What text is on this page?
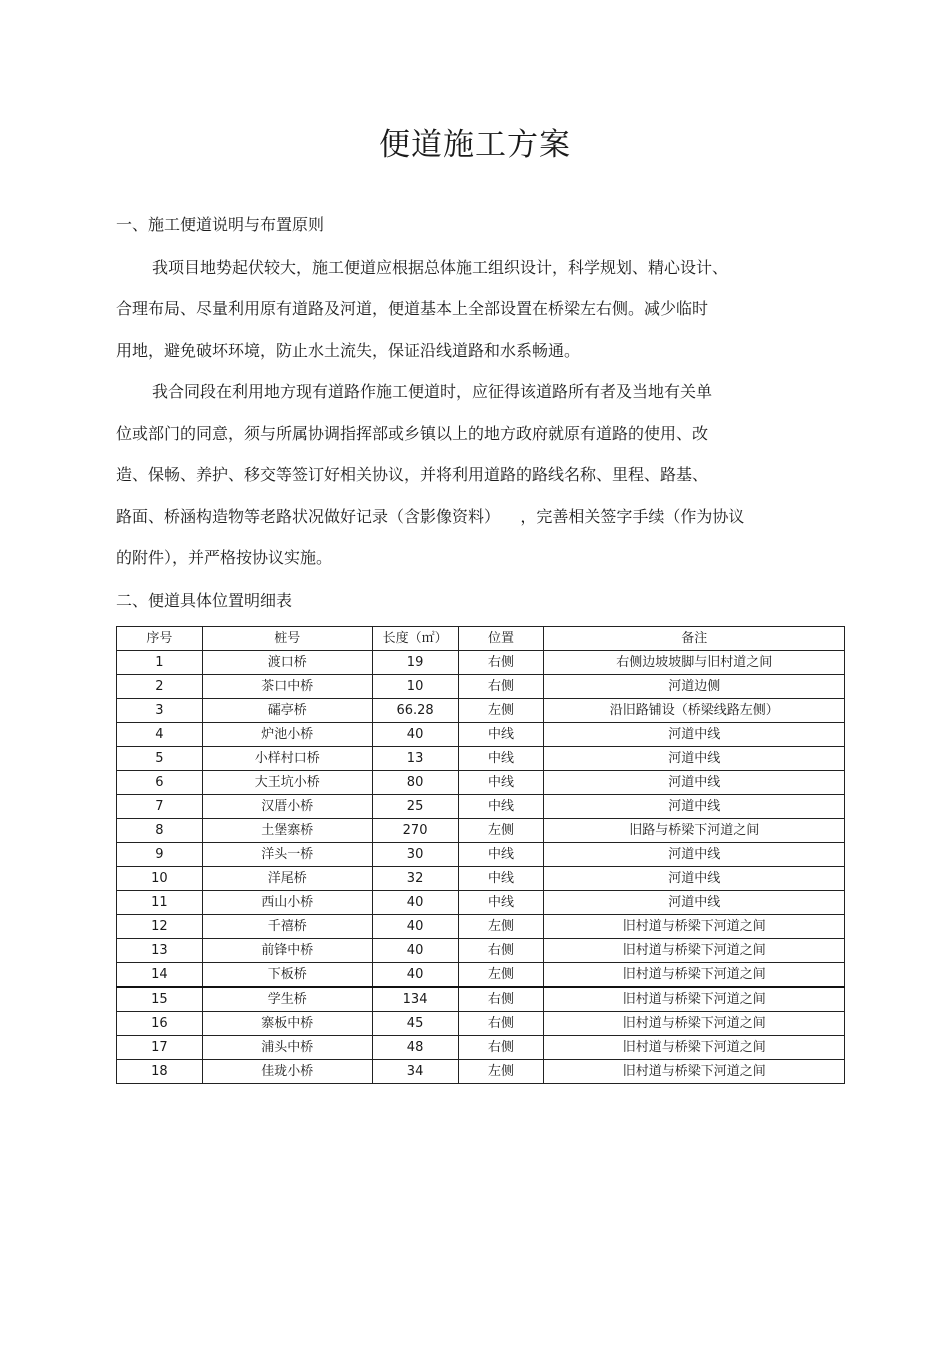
便道施工方案
一、施工便道说明与布置原则
我项目地势起伏较大，施工便道应根据总体施工组织设计，科学规划、精心设计、
合理布局、尽量利用原有道路及河道，便道基本上全部设置在桥梁左右侧。减少临时
用地，避免破坏环境，防止水土流失，保证沿线道路和水系畅通。
我合同段在利用地方现有道路作施工便道时，应征得该道路所有者及当地有关单
位或部门的同意，须与所属协调指挥部或乡镇以上的地方政府就原有道路的使用、改
造、保畅、养护、移交等签订好相关协议，并将利用道路的路线名称、里程、路基、
路面、桥涵构造物等老路状况做好记录（含影像资料）    ，完善相关签字手续（作为协议
的附件），并严格按协议实施。
二、便道具体位置明细表
序号	桩号	长度（㎡）	位置	备注
1	渡口桥	19	右侧	右侧边坡坡脚与旧村道之间
2	茶口中桥	10	右侧	河道边侧
3	礵亭桥	66.28	左侧	沿旧路铺设（桥梁线路左侧）
4	炉池小桥	40	中线	河道中线
5	小样村口桥	13	中线	河道中线
6	大王坑小桥	80	中线	河道中线
7	汉厝小桥	25	中线	河道中线
8	土堡寨桥	270	左侧	旧路与桥梁下河道之间
9	洋头一桥	30	中线	河道中线
10	洋尾桥	32	中线	河道中线
11	西山小桥	40	中线	河道中线
12	千禧桥	40	左侧	旧村道与桥梁下河道之间
13	前锋中桥	40	右侧	旧村道与桥梁下河道之间
14	下板桥	40	左侧	旧村道与桥梁下河道之间
15	学生桥	134	右侧	旧村道与桥梁下河道之间
16	寨板中桥	45	右侧	旧村道与桥梁下河道之间
17	浦头中桥	48	右侧	旧村道与桥梁下河道之间
18	佳珑小桥	34	左侧	旧村道与桥梁下河道之间
